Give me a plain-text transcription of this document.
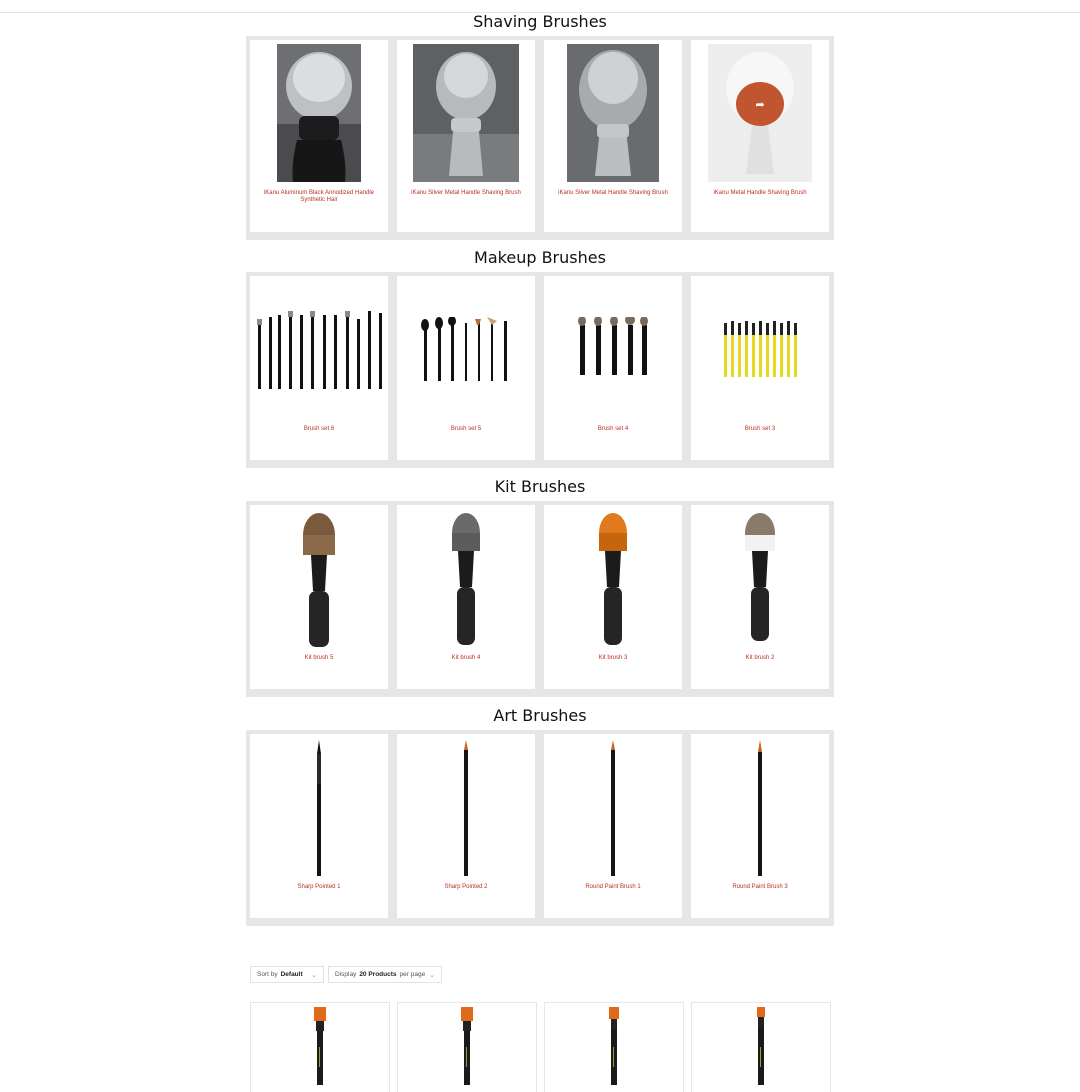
Shaving Brushes
iKanu Aluminum Black Annodized Handle Synthetic Hair
iKanu Silver Metal Handle Shaving Brush	iKanu Silver Metal Handle Shaving Brush
➦
iKanu Metal Handle Shaving Brush
Makeup Brushes
Brush set 6	Brush set 5	Brush set 4	Brush set 3
Kit Brushes
Kit brush 5	Kit brush 4	Kit brush 3	Kit brush 2
Art Brushes
Sharp Pointed 1	Sharp Pointed 2	Round Paint Brush 1	Round Paint Brush 3
Sort by Default ⌄	Display 20 Products per page ⌄
